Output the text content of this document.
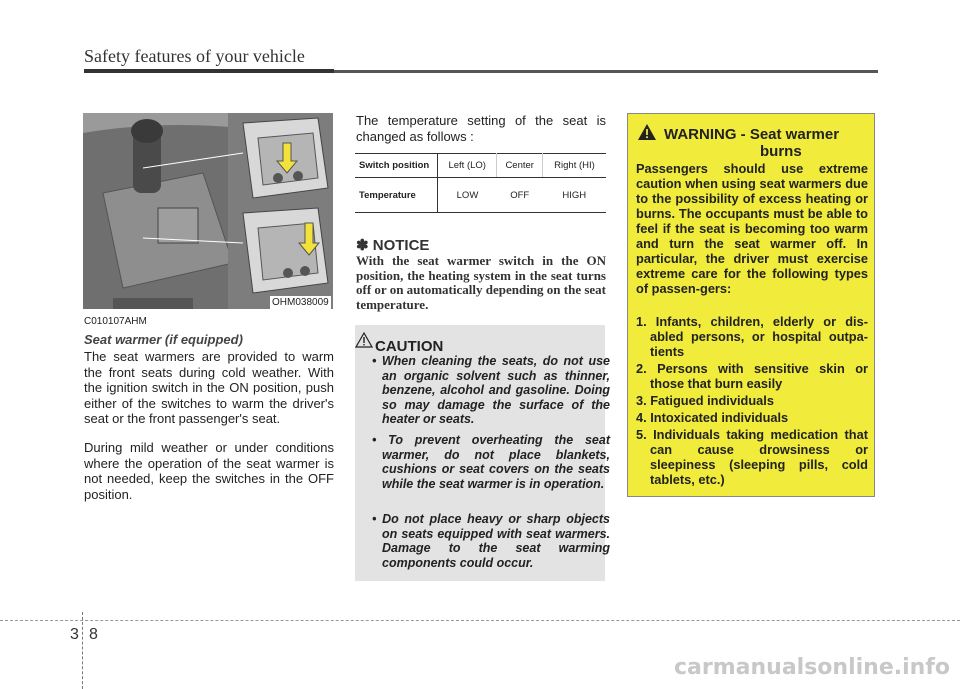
Safety features of your vehicle
OHM038009
C010107AHM
Seat warmer (if equipped)
The seat warmers are provided to warm the front seats during cold weather. With the ignition switch in the ON position, push either of the switches to warm the driver's seat or the front passenger's seat.
During mild weather or under conditions where the operation of the seat warmer is not needed, keep the switches in the OFF position.
The temperature setting of the seat is changed as follows :
Switch position	Left (LO)	Center	Right (HI)
Temperature	LOW	OFF	HIGH
✽ NOTICE
With the seat warmer switch in the ON position, the heating system in the seat turns off or on automatically depending on the seat temperature.
CAUTION
• When cleaning the seats, do not use an organic solvent such as thinner, benzene, alcohol and gasoline. Doing so may damage the surface of the heater or seats.
• To prevent overheating the seat warmer, do not place blankets, cushions or seat covers on the seats while the seat warmer is in operation.
• Do not place heavy or sharp objects on seats equipped with seat warmers. Damage to the seat warming components could occur.
WARNING - Seat warmer
burns
Passengers should use extreme caution when using seat warmers due to the possibility of excess heating or burns. The occupants must be able to feel if the seat is becoming too warm and turn the seat warmer off. In particular, the driver must exercise extreme care for the following types of passen-gers:
1. Infants, children, elderly or dis-abled persons, or hospital outpa-tients
2. Persons with sensitive skin or those that burn easily
3. Fatigued individuals
4. Intoxicated individuals
5. Individuals taking medication that can cause drowsiness or sleepiness (sleeping pills, cold tablets, etc.)
3 8
carmanualsonline.info
